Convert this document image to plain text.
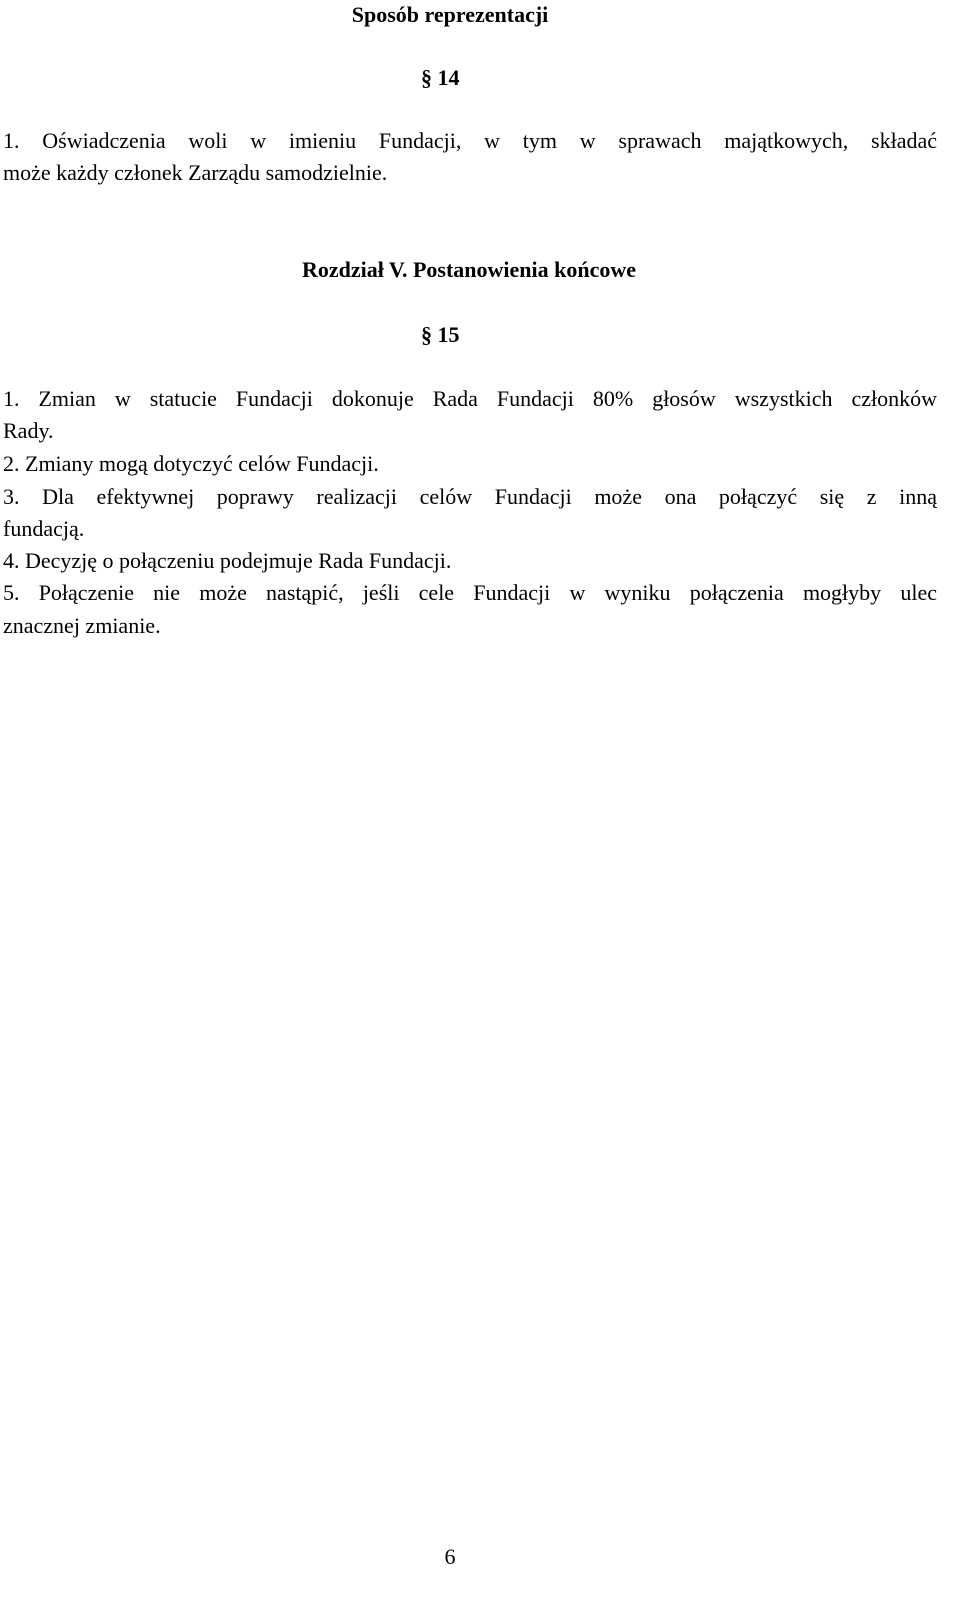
Sposób reprezentacji
§ 14
1. Oświadczenia woli w imieniu Fundacji, w tym w sprawach majątkowych, składać
może każdy członek Zarządu samodzielnie.
Rozdział V. Postanowienia końcowe
§ 15
1. Zmian w statucie Fundacji dokonuje Rada Fundacji 80% głosów wszystkich członków
Rady.
2. Zmiany mogą dotyczyć celów Fundacji.
3. Dla efektywnej poprawy realizacji celów Fundacji może ona połączyć się z inną
fundacją.
4. Decyzję o połączeniu podejmuje Rada Fundacji.
5. Połączenie nie może nastąpić, jeśli cele Fundacji w wyniku połączenia mogłyby ulec
znacznej zmianie.
6
